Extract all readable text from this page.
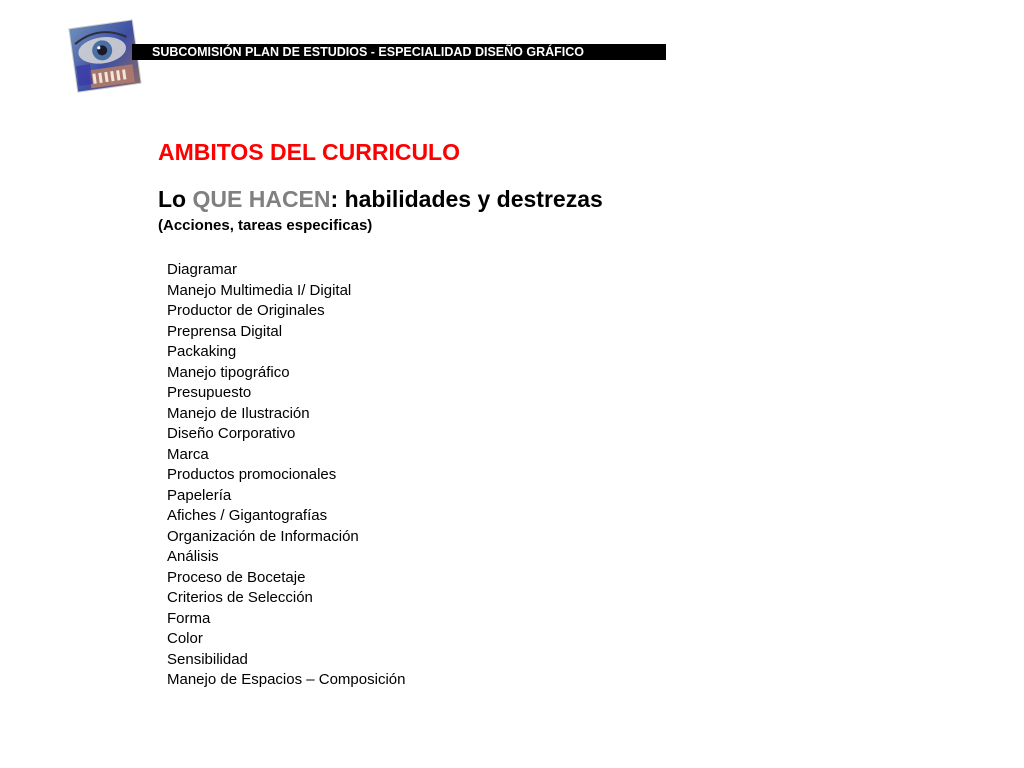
SUBCOMISIÓN PLAN DE ESTUDIOS - ESPECIALIDAD DISEÑO GRÁFICO
AMBITOS DEL CURRICULO
Lo QUE HACEN: habilidades y destrezas
(Acciones, tareas especificas)
Diagramar
Manejo Multimedia I/ Digital
Productor de Originales
Preprensa Digital
Packaking
Manejo tipográfico
Presupuesto
Manejo de Ilustración
Diseño Corporativo
Marca
Productos promocionales
Papelería
Afiches / Gigantografías
Organización de Información
Análisis
Proceso de Bocetaje
Criterios de Selección
Forma
Color
Sensibilidad
Manejo de Espacios – Composición
